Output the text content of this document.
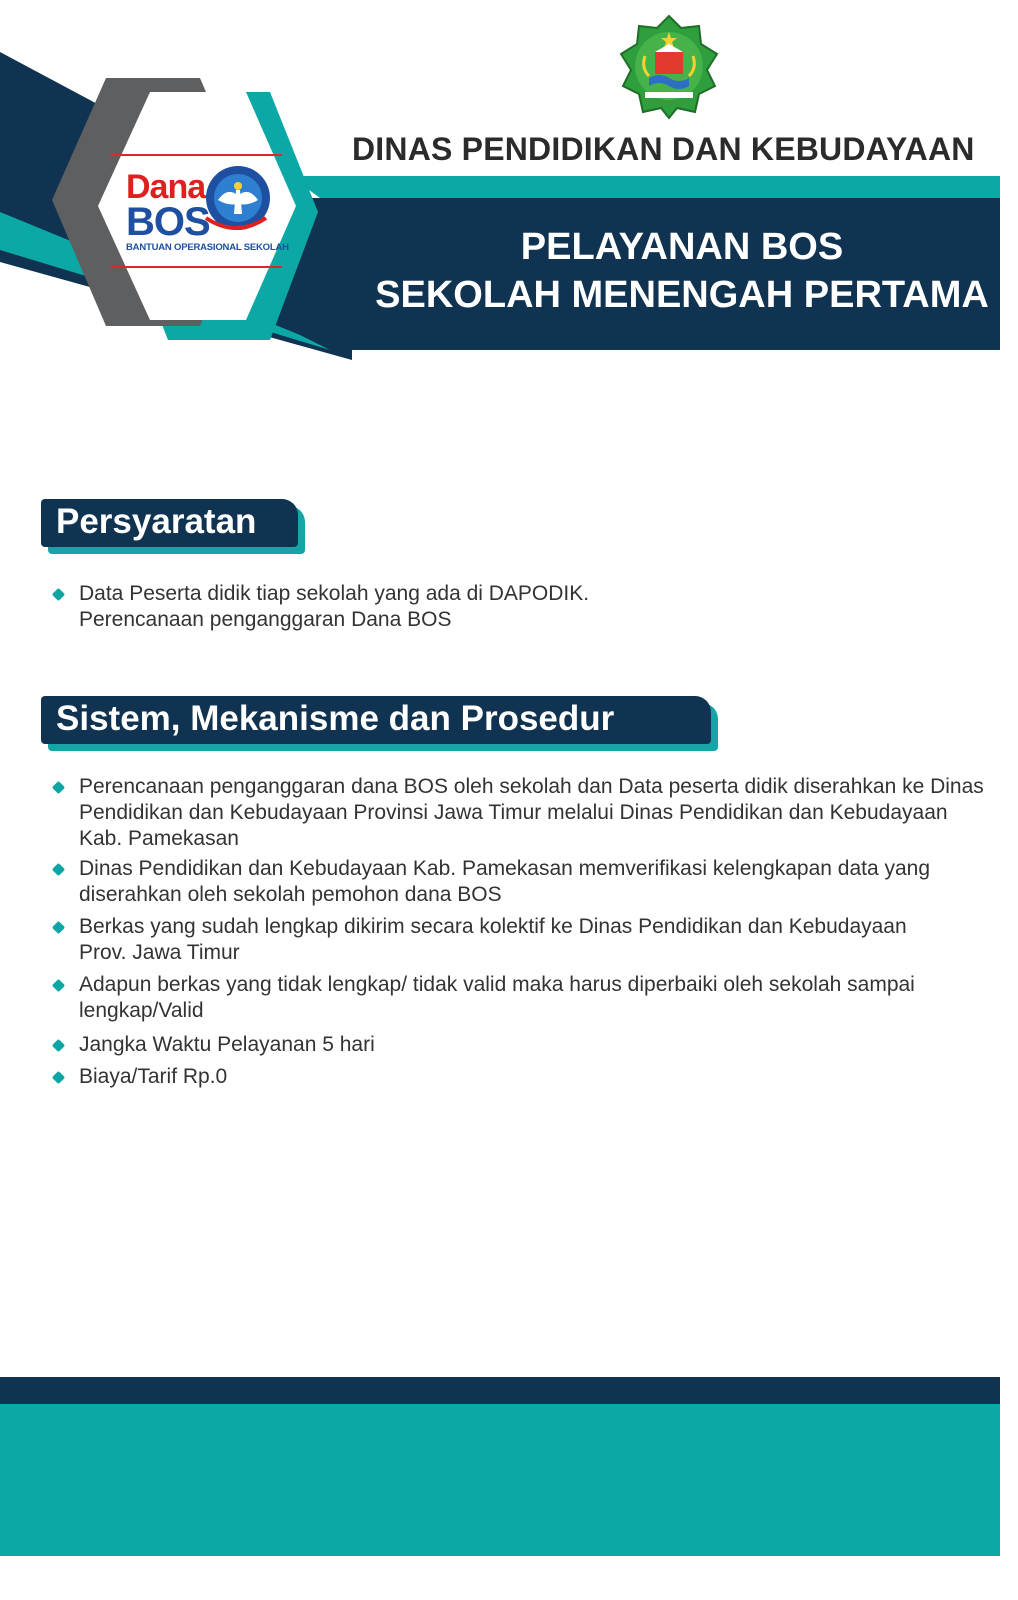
Dana
BOS
BANTUAN OPERASIONAL SEKOLAH
DINAS PENDIDIKAN DAN KEBUDAYAAN
PELAYANAN BOS
SEKOLAH MENENGAH PERTAMA
Persyaratan
Data Peserta didik tiap sekolah yang ada di DAPODIK.
Perencanaan penganggaran Dana BOS
Sistem, Mekanisme dan Prosedur
Perencanaan penganggaran dana BOS oleh sekolah dan Data peserta didik diserahkan ke Dinas
Pendidikan dan Kebudayaan Provinsi Jawa Timur melalui Dinas Pendidikan dan Kebudayaan
Kab. Pamekasan
Dinas Pendidikan dan Kebudayaan Kab. Pamekasan memverifikasi kelengkapan data yang
diserahkan oleh sekolah pemohon dana BOS
Berkas yang sudah lengkap dikirim secara kolektif ke Dinas Pendidikan dan Kebudayaan
Prov. Jawa Timur
Adapun berkas yang tidak lengkap/ tidak valid maka harus diperbaiki oleh sekolah sampai
lengkap/Valid
Jangka Waktu Pelayanan 5 hari
Biaya/Tarif Rp.0
